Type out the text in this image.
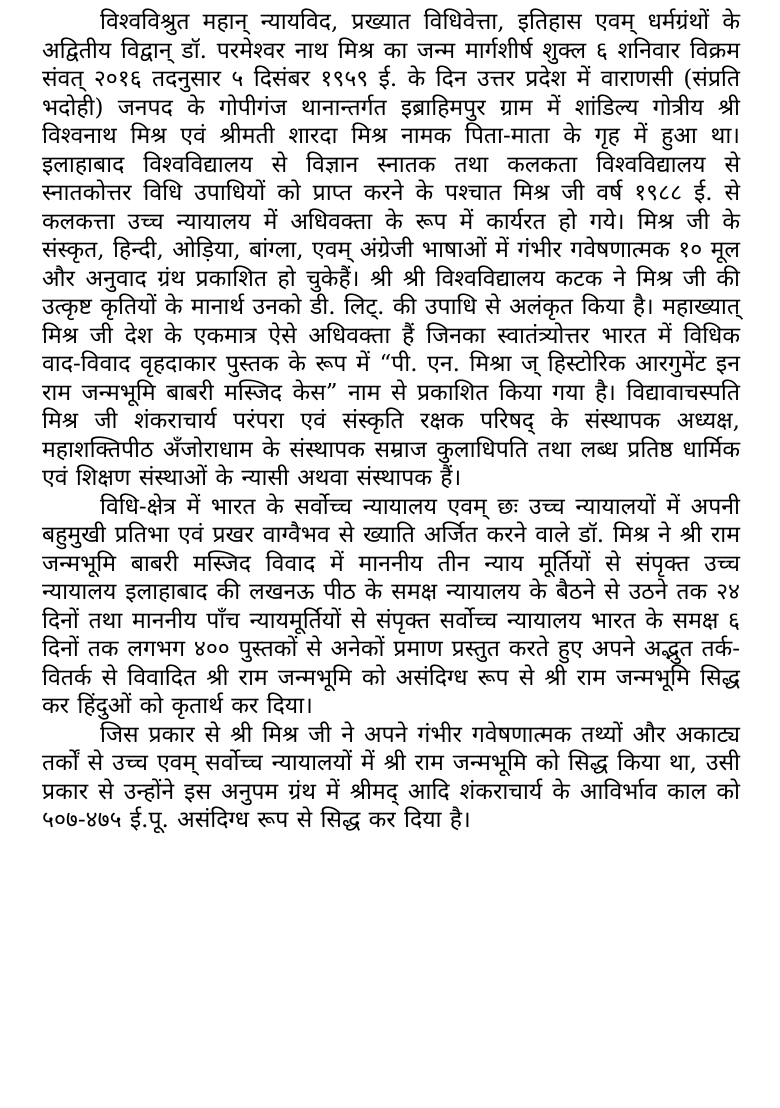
विश्वविश्रुत महान् न्यायविद, प्रख्यात विधिवेत्ता, इतिहास एवम् धर्मग्रंथों के अद्वितीय विद्वान् डॉ. परमेश्वर नाथ मिश्र का जन्म मार्गशीर्ष शुक्ल ६ शनिवार विक्रम संवत् २०१६ तदनुसार ५ दिसंबर १९५९ ई. के दिन उत्तर प्रदेश में वाराणसी (संप्रति भदोही) जनपद के गोपीगंज थानान्तर्गत इब्राहिमपुर ग्राम में शांडिल्य गोत्रीय श्री विश्वनाथ मिश्र एवं श्रीमती शारदा मिश्र नामक पिता-माता के गृह में हुआ था। इलाहाबाद विश्वविद्यालय से विज्ञान स्नातक तथा कलकता विश्वविद्यालय से स्नातकोत्तर विधि उपाधियों को प्राप्त करने के पश्चात मिश्र जी वर्ष १९८८ ई. से कलकत्ता उच्च न्यायालय में अधिवक्ता के रूप में कार्यरत हो गये। मिश्र जी के संस्कृत, हिन्दी, ओड़िया, बांग्ला, एवम् अंग्रेजी भाषाओं में गंभीर गवेषणात्मक १० मूल और अनुवाद ग्रंथ प्रकाशित हो चुकेहैं। श्री श्री विश्वविद्यालय कटक ने मिश्र जी की उत्कृष्ट कृतियों के मानार्थ उनको डी. लिट्. की उपाधि से अलंकृत किया है। महाख्यात् मिश्र जी देश के एकमात्र ऐसे अधिवक्ता हैं जिनका स्वातंत्र्योत्तर भारत में विधिक वाद-विवाद वृहदाकार पुस्तक के रूप में “पी. एन. मिश्रा ज् हिस्टोरिक आरगुमेंट इन राम जन्मभूमि बाबरी मस्जिद केस” नाम से प्रकाशित किया गया है। विद्यावाचस्पति मिश्र जी शंकराचार्य परंपरा एवं संस्कृति रक्षक परिषद् के संस्थापक अध्यक्ष, महाशक्तिपीठ अँजोराधाम के संस्थापक सम्राज कुलाधिपति तथा लब्ध प्रतिष्ठ धार्मिक एवं शिक्षण संस्थाओं के न्यासी अथवा संस्थापक हैं।

विधि-क्षेत्र में भारत के सर्वोच्च न्यायालय एवम् छः उच्च न्यायालयों में अपनी बहुमुखी प्रतिभा एवं प्रखर वाग्वैभव से ख्याति अर्जित करने वाले डॉ. मिश्र ने श्री राम जन्मभूमि बाबरी मस्जिद विवाद में माननीय तीन न्याय मूर्तियों से संपृक्त उच्च न्यायालय इलाहाबाद की लखनऊ पीठ के समक्ष न्यायालय के बैठने से उठने तक २४ दिनों तथा माननीय पाँच न्यायमूर्तियों से संपृक्त सर्वोच्च न्यायालय भारत के समक्ष ६ दिनों तक लगभग ४०० पुस्तकों से अनेकों प्रमाण प्रस्तुत करते हुए अपने अद्भुत तर्क-वितर्क से विवादित श्री राम जन्मभूमि को असंदिग्ध रूप से श्री राम जन्मभूमि सिद्ध कर हिंदुओं को कृतार्थ कर दिया।

जिस प्रकार से श्री मिश्र जी ने अपने गंभीर गवेषणात्मक तथ्यों और अकाट्य तर्कों से उच्च एवम् सर्वोच्च न्यायालयों में श्री राम जन्मभूमि को सिद्ध किया था, उसी प्रकार से उन्होंने इस अनुपम ग्रंथ में श्रीमद् आदि शंकराचार्य के आविर्भाव काल को ५०७-४७५ ई.पू. असंदिग्ध रूप से सिद्ध कर दिया है।
